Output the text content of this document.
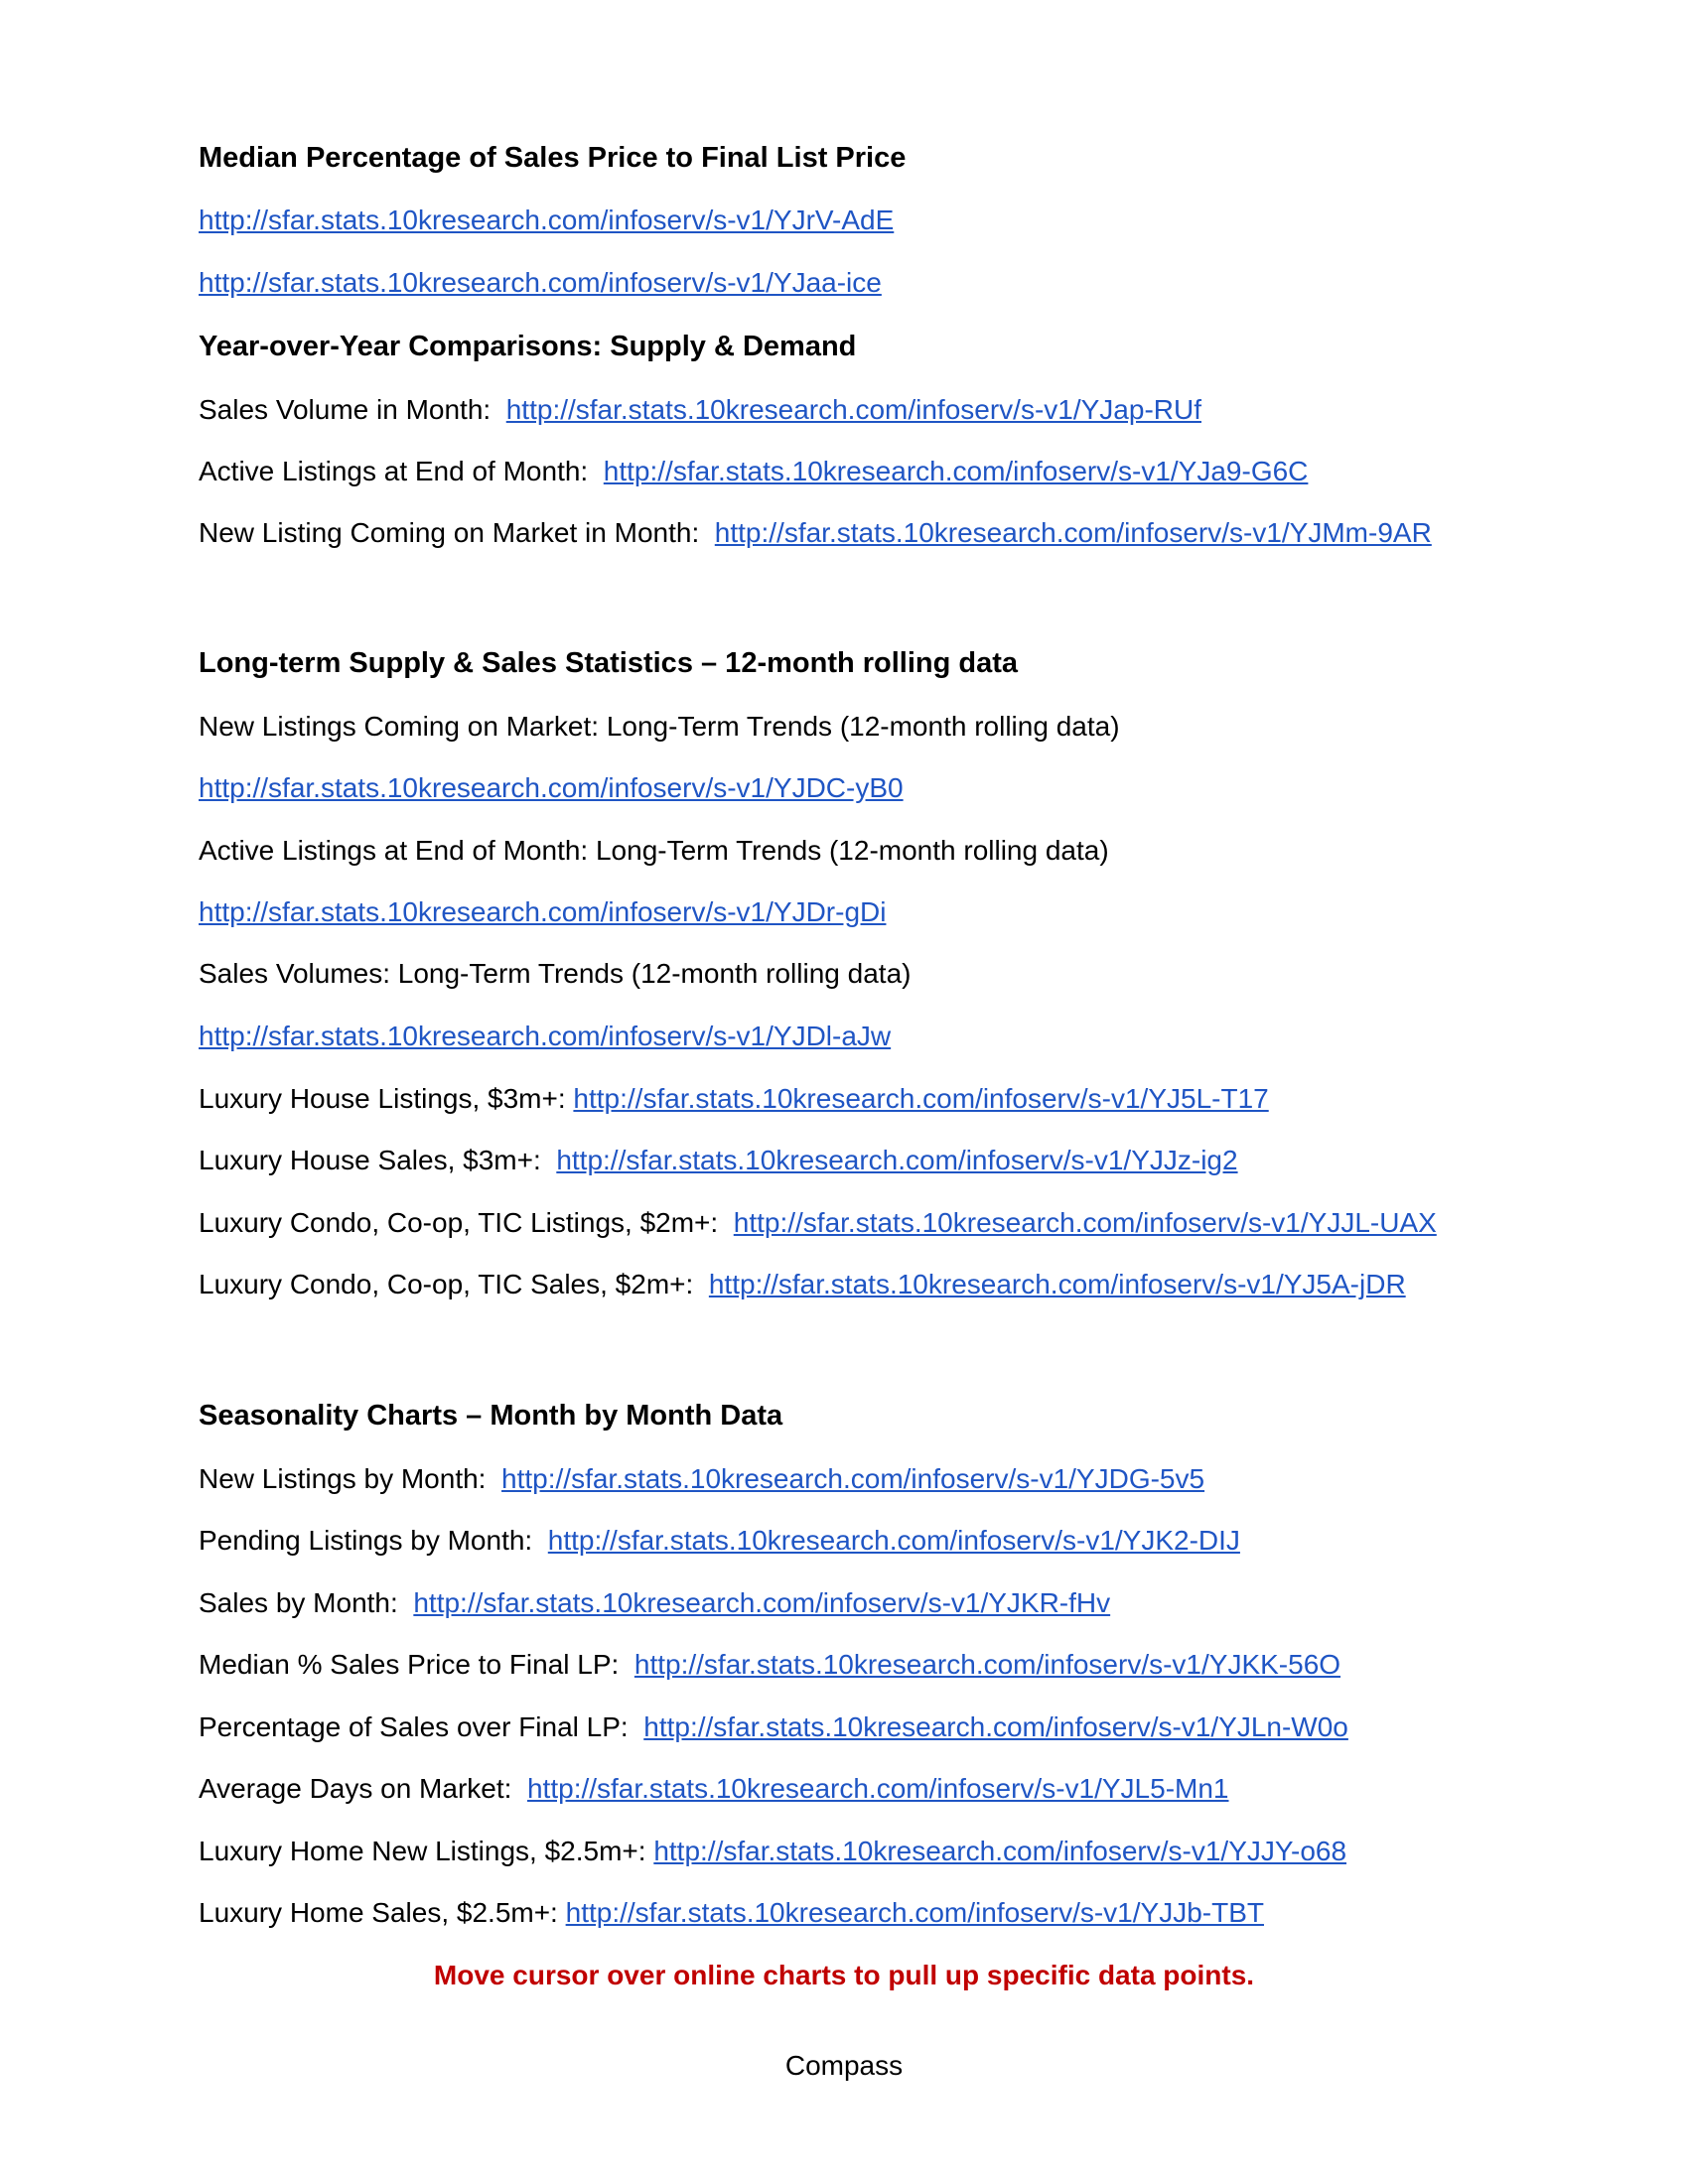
Median Percentage of Sales Price to Final List Price
http://sfar.stats.10kresearch.com/infoserv/s-v1/YJrV-AdE
http://sfar.stats.10kresearch.com/infoserv/s-v1/YJaa-ice
Year-over-Year Comparisons: Supply & Demand
Sales Volume in Month: http://sfar.stats.10kresearch.com/infoserv/s-v1/YJap-RUf
Active Listings at End of Month: http://sfar.stats.10kresearch.com/infoserv/s-v1/YJa9-G6C
New Listing Coming on Market in Month: http://sfar.stats.10kresearch.com/infoserv/s-v1/YJMm-9AR
Long-term Supply & Sales Statistics – 12-month rolling data
New Listings Coming on Market: Long-Term Trends (12-month rolling data)
http://sfar.stats.10kresearch.com/infoserv/s-v1/YJDC-yB0
Active Listings at End of Month: Long-Term Trends (12-month rolling data)
http://sfar.stats.10kresearch.com/infoserv/s-v1/YJDr-gDi
Sales Volumes: Long-Term Trends (12-month rolling data)
http://sfar.stats.10kresearch.com/infoserv/s-v1/YJDl-aJw
Luxury House Listings, $3m+: http://sfar.stats.10kresearch.com/infoserv/s-v1/YJ5L-T17
Luxury House Sales, $3m+: http://sfar.stats.10kresearch.com/infoserv/s-v1/YJJz-ig2
Luxury Condo, Co-op, TIC Listings, $2m+: http://sfar.stats.10kresearch.com/infoserv/s-v1/YJJL-UAX
Luxury Condo, Co-op, TIC Sales, $2m+: http://sfar.stats.10kresearch.com/infoserv/s-v1/YJ5A-jDR
Seasonality Charts – Month by Month Data
New Listings by Month: http://sfar.stats.10kresearch.com/infoserv/s-v1/YJDG-5v5
Pending Listings by Month: http://sfar.stats.10kresearch.com/infoserv/s-v1/YJK2-DIJ
Sales by Month: http://sfar.stats.10kresearch.com/infoserv/s-v1/YJKR-fHv
Median % Sales Price to Final LP: http://sfar.stats.10kresearch.com/infoserv/s-v1/YJKK-56O
Percentage of Sales over Final LP: http://sfar.stats.10kresearch.com/infoserv/s-v1/YJLn-W0o
Average Days on Market: http://sfar.stats.10kresearch.com/infoserv/s-v1/YJL5-Mn1
Luxury Home New Listings, $2.5m+: http://sfar.stats.10kresearch.com/infoserv/s-v1/YJJY-o68
Luxury Home Sales, $2.5m+: http://sfar.stats.10kresearch.com/infoserv/s-v1/YJJb-TBT
Move cursor over online charts to pull up specific data points.
Compass
